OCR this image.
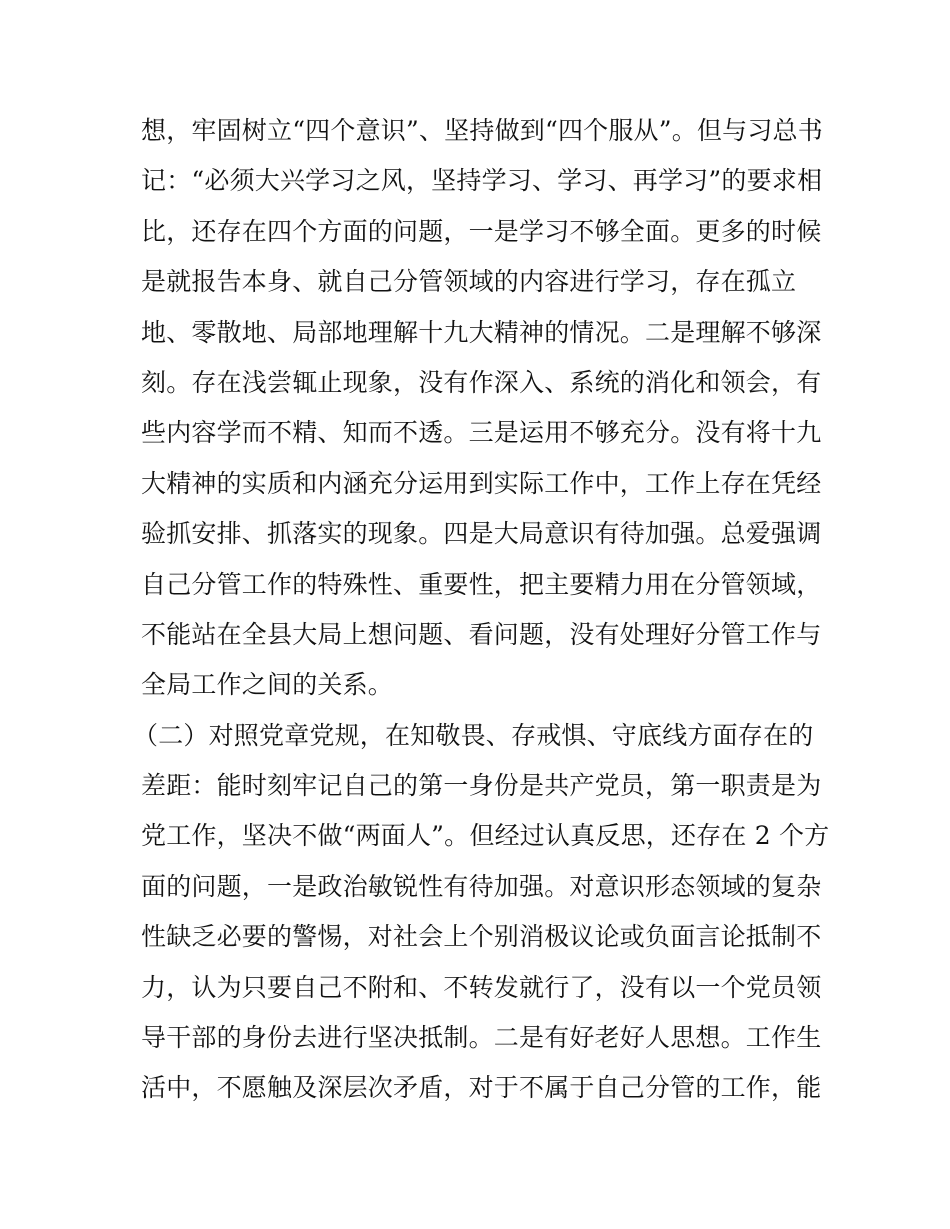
想，牢固树立“四个意识”、坚持做到“四个服从”。但与习总书
记：“必须大兴学习之风，坚持学习、学习、再学习”的要求相
比，还存在四个方面的问题，一是学习不够全面。更多的时候
是就报告本身、就自己分管领域的内容进行学习，存在孤立
地、零散地、局部地理解十九大精神的情况。二是理解不够深
刻。存在浅尝辄止现象，没有作深入、系统的消化和领会，有
些内容学而不精、知而不透。三是运用不够充分。没有将十九
大精神的实质和内涵充分运用到实际工作中，工作上存在凭经
验抓安排、抓落实的现象。四是大局意识有待加强。总爱强调
自己分管工作的特殊性、重要性，把主要精力用在分管领域，
不能站在全县大局上想问题、看问题，没有处理好分管工作与
全局工作之间的关系。
（二）对照党章党规，在知敬畏、存戒惧、守底线方面存在的
差距：能时刻牢记自己的第一身份是共产党员，第一职责是为
党工作，坚决不做“两面人”。但经过认真反思，还存在 2 个方
面的问题，一是政治敏锐性有待加强。对意识形态领域的复杂
性缺乏必要的警惕，对社会上个别消极议论或负面言论抵制不
力，认为只要自己不附和、不转发就行了，没有以一个党员领
导干部的身份去进行坚决抵制。二是有好老好人思想。工作生
活中，不愿触及深层次矛盾，对于不属于自己分管的工作，能
